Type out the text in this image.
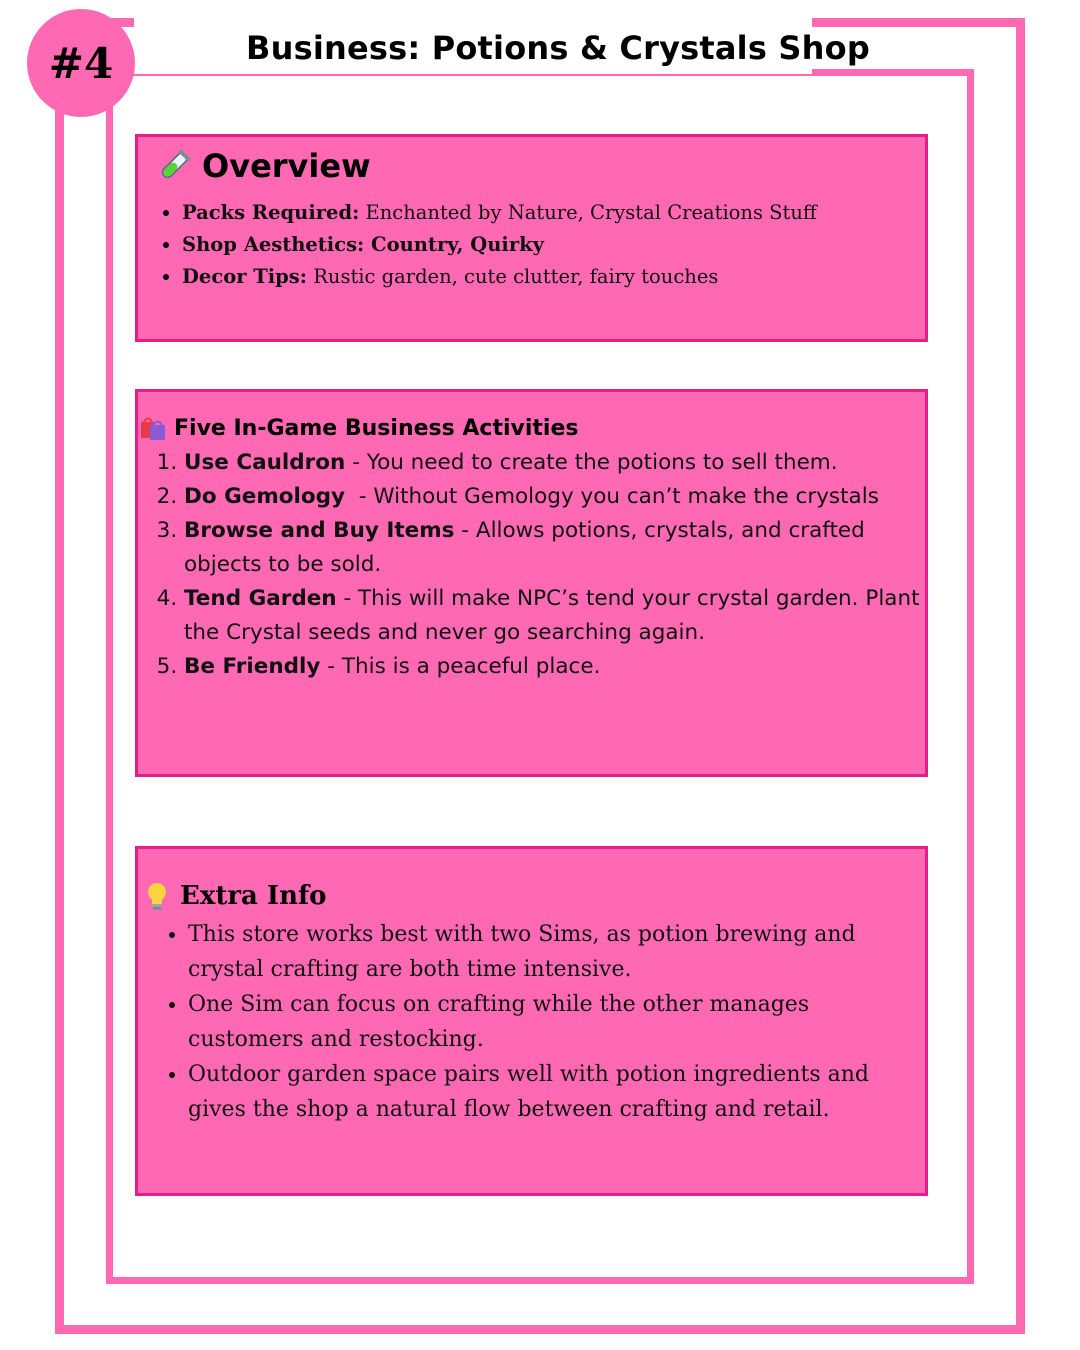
Business: Potions & Crystals Shop
#4
Overview
• Packs Required: Enchanted by Nature, Crystal Creations Stuff
• Shop Aesthetics: Country, Quirky
• Decor Tips: Rustic garden, cute clutter, fairy touches
Five In-Game Business Activities
1. Use Cauldron - You need to create the potions to sell them.
2. Do Gemology  - Without Gemology you can’t make the crystals
3. Browse and Buy Items - Allows potions, crystals, and crafted objects to be sold.
4. Tend Garden - This will make NPC’s tend your crystal garden. Plant the Crystal seeds and never go searching again.
5. Be Friendly - This is a peaceful place.
Extra Info
• This store works best with two Sims, as potion brewing and crystal crafting are both time intensive.
• One Sim can focus on crafting while the other manages customers and restocking.
• Outdoor garden space pairs well with potion ingredients and gives the shop a natural flow between crafting and retail.
